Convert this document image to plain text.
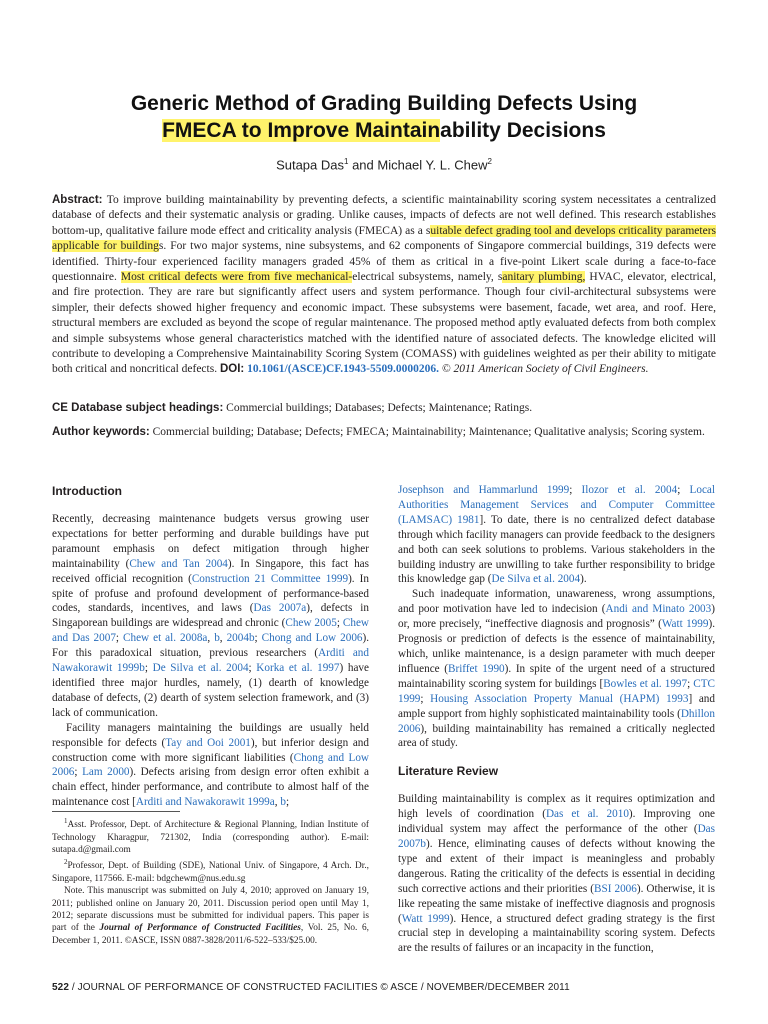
Generic Method of Grading Building Defects Using
FMECA to Improve Maintainability Decisions
Sutapa Das$^1$ and Michael Y. L. Chew$^2$
Abstract: To improve building maintainability by preventing defects, a scientific maintainability scoring system necessitates a centralized database of defects and their systematic analysis or grading. Unlike causes, impacts of defects are not well defined. This research establishes bottom-up, qualitative failure mode effect and criticality analysis (FMECA) as a suitable defect grading tool and develops criticality parameters applicable for buildings. For two major systems, nine subsystems, and 62 components of Singapore commercial buildings, 319 defects were identified. Thirty-four experienced facility managers graded 45% of them as critical in a five-point Likert scale during a face-to-face questionnaire. Most critical defects were from five mechanical-electrical subsystems, namely, sanitary plumbing, HVAC, elevator, electrical, and fire protection. They are rare but significantly affect users and system performance. Though four civil-architectural subsystems were simpler, their defects showed higher frequency and economic impact. These subsystems were basement, facade, wet area, and roof. Here, structural members are excluded as beyond the scope of regular maintenance. The proposed method aptly evaluated defects from both complex and simple subsystems whose general characteristics matched with the identified nature of associated defects. The knowledge elicited will contribute to developing a Comprehensive Maintainability Scoring System (COMASS) with guidelines weighted as per their ability to mitigate both critical and noncritical defects. DOI: 10.1061/(ASCE)CF.1943-5509.0000206. © 2011 American Society of Civil Engineers.
CE Database subject headings: Commercial buildings; Databases; Defects; Maintenance; Ratings.
Author keywords: Commercial building; Database; Defects; FMECA; Maintainability; Maintenance; Qualitative analysis; Scoring system.
Introduction

Recently, decreasing maintenance budgets versus growing user expectations for better performing and durable buildings have put paramount emphasis on defect mitigation through higher maintainability (Chew and Tan 2004). In Singapore, this fact has received official recognition (Construction 21 Committee 1999). In spite of profuse and profound development of performance-based codes, standards, incentives, and laws (Das 2007a), defects in Singaporean buildings are widespread and chronic (Chew 2005; Chew and Das 2007; Chew et al. 2008a, b, 2004b; Chong and Low 2006). For this paradoxical situation, previous researchers (Arditi and Nawakorawit 1999b; De Silva et al. 2004; Korka et al. 1997) have identified three major hurdles, namely, (1) dearth of knowledge database of defects, (2) dearth of system selection framework, and (3) lack of communication.

Facility managers maintaining the buildings are usually held responsible for defects (Tay and Ooi 2001), but inferior design and construction come with more significant liabilities (Chong and Low 2006; Lam 2000). Defects arising from design error often exhibit a chain effect, hinder performance, and contribute to almost half of the maintenance cost [Arditi and Nawakorawit 1999a, b;

$^1$Asst. Professor, Dept. of Architecture & Regional Planning, Indian Institute of Technology Kharagpur, 721302, India (corresponding author). E-mail: sutapa.d@gmail.com

$^2$Professor, Dept. of Building (SDE), National Univ. of Singapore, 4 Arch. Dr., Singapore, 117566. E-mail: bdgchewm@nus.edu.sg

Note. This manuscript was submitted on July 4, 2010; approved on January 19, 2011; published online on January 20, 2011. Discussion period open until May 1, 2012; separate discussions must be submitted for individual papers. This paper is part of the Journal of Performance of Constructed Facilities, Vol. 25, No. 6, December 1, 2011. ©ASCE, ISSN 0887-3828/2011/6-522–533/$25.00.

Josephson and Hammarlund 1999; Ilozor et al. 2004; Local Authorities Management Services and Computer Committee (LAMSAC) 1981]. To date, there is no centralized defect database through which facility managers can provide feedback to the designers and both can seek solutions to problems. Various stakeholders in the building industry are unwilling to take further responsibility to bridge this knowledge gap (De Silva et al. 2004).

Such inadequate information, unawareness, wrong assumptions, and poor motivation have led to indecision (Andi and Minato 2003) or, more precisely, “ineffective diagnosis and prognosis” (Watt 1999). Prognosis or prediction of defects is the essence of maintainability, which, unlike maintenance, is a design parameter with much deeper influence (Briffet 1990). In spite of the urgent need of a structured maintainability scoring system for buildings [Bowles et al. 1997; CTC 1999; Housing Association Property Manual (HAPM) 1993] and ample support from highly sophisticated maintainability tools (Dhillon 2006), building maintainability has remained a critically neglected area of study.

Literature Review

Building maintainability is complex as it requires optimization and high levels of coordination (Das et al. 2010). Improving one individual system may affect the performance of the other (Das 2007b). Hence, eliminating causes of defects without knowing the type and extent of their impact is meaningless and probably dangerous. Rating the criticality of the defects is essential in deciding such corrective actions and their priorities (BSI 2006). Otherwise, it is like repeating the same mistake of ineffective diagnosis and prognosis (Watt 1999). Hence, a structured defect grading strategy is the first crucial step in developing a maintainability scoring system. Defects are the results of failures or an incapacity in the function,

522 / JOURNAL OF PERFORMANCE OF CONSTRUCTED FACILITIES © ASCE / NOVEMBER/DECEMBER 2011
